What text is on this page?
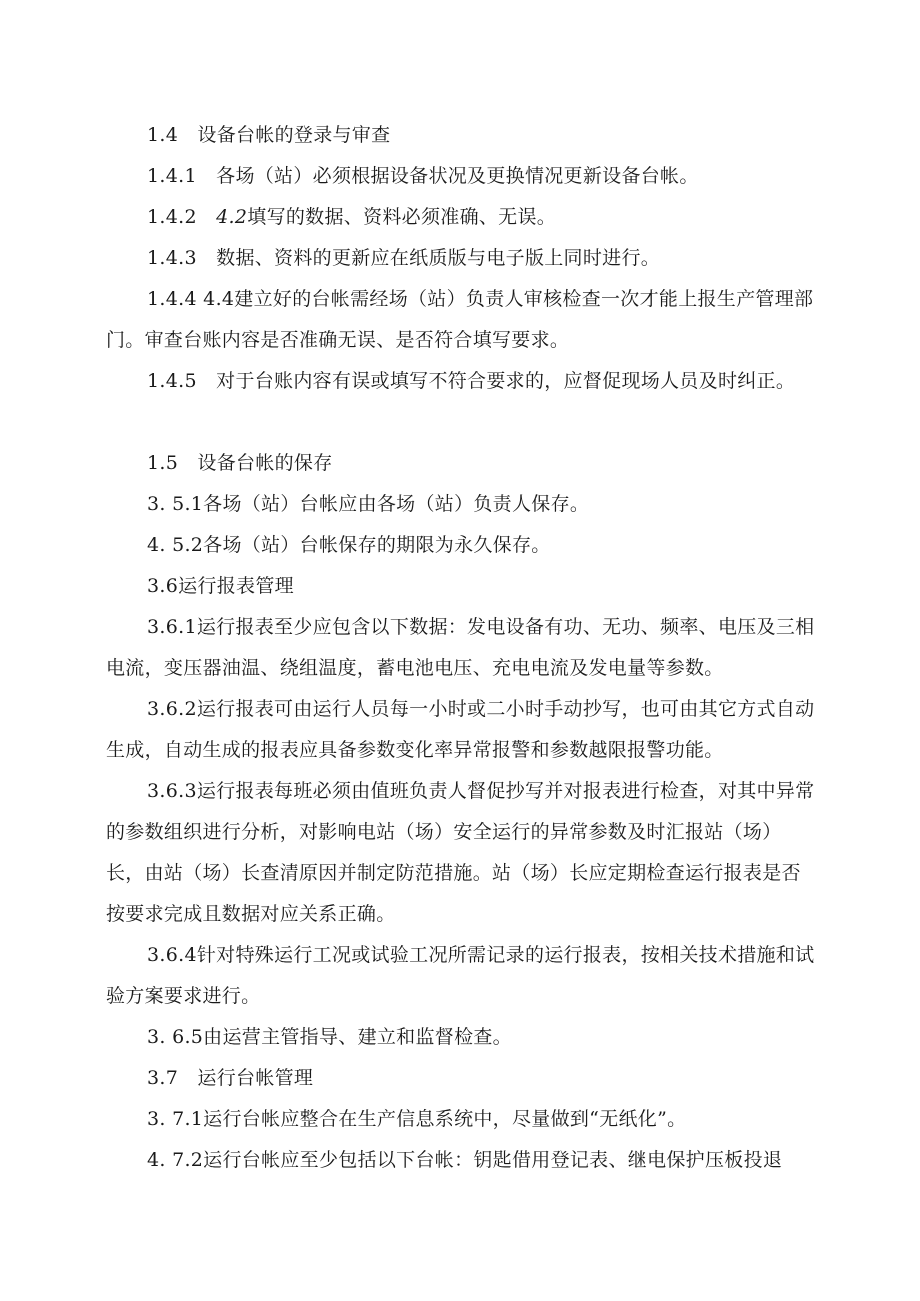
1.4　设备台帐的登录与审查
1.4.1　各场（站）必须根据设备状况及更换情况更新设备台帐。
1.4.2　4.2填写的数据、资料必须准确、无误。
1.4.3　数据、资料的更新应在纸质版与电子版上同时进行。
1.4.4 4.4建立好的台帐需经场（站）负责人审核检查一次才能上报生产管理部门。审查台账内容是否准确无误、是否符合填写要求。
1.4.5　对于台账内容有误或填写不符合要求的，应督促现场人员及时纠正。
1.5　设备台帐的保存
3. 5.1各场（站）台帐应由各场（站）负责人保存。
4. 5.2各场（站）台帐保存的期限为永久保存。
3.6运行报表管理
3.6.1运行报表至少应包含以下数据：发电设备有功、无功、频率、电压及三相电流，变压器油温、绕组温度，蓄电池电压、充电电流及发电量等参数。
3.6.2运行报表可由运行人员每一小时或二小时手动抄写，也可由其它方式自动生成，自动生成的报表应具备参数变化率异常报警和参数越限报警功能。
3.6.3运行报表每班必须由值班负责人督促抄写并对报表进行检查，对其中异常的参数组织进行分析，对影响电站（场）安全运行的异常参数及时汇报站（场）长，由站（场）长查清原因并制定防范措施。站（场）长应定期检查运行报表是否按要求完成且数据对应关系正确。
3.6.4针对特殊运行工况或试验工况所需记录的运行报表，按相关技术措施和试验方案要求进行。
3. 6.5由运营主管指导、建立和监督检查。
3.7　运行台帐管理
3. 7.1运行台帐应整合在生产信息系统中，尽量做到“无纸化”。
4. 7.2运行台帐应至少包括以下台帐：钥匙借用登记表、继电保护压板投退
